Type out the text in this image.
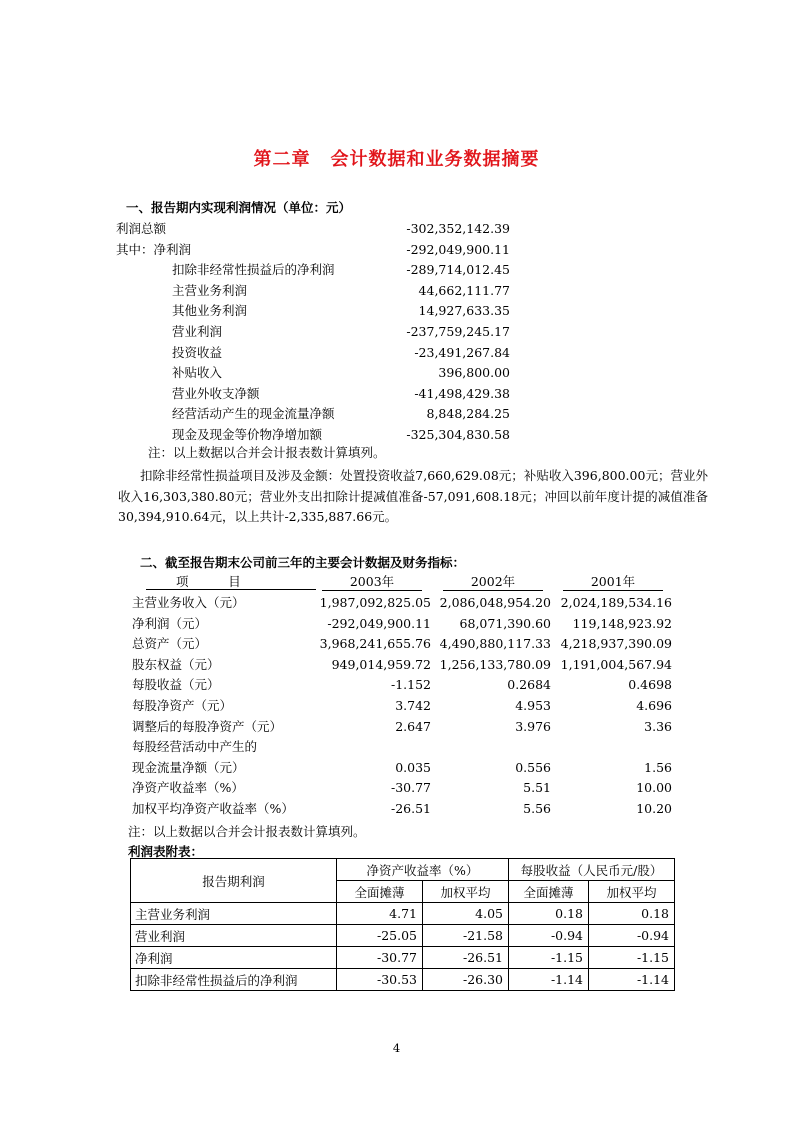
第二章 会计数据和业务数据摘要
一、报告期内实现利润情况（单位：元）
利润总额	-302,352,142.39
其中：净利润	-292,049,900.11
扣除非经常性损益后的净利润	-289,714,012.45
主营业务利润	44,662,111.77
其他业务利润	14,927,633.35
营业利润	-237,759,245.17
投资收益	-23,491,267.84
补贴收入	396,800.00
营业外收支净额	-41,498,429.38
经营活动产生的现金流量净额	8,848,284.25
现金及现金等价物净增加额	-325,304,830.58
注：以上数据以合并会计报表数计算填列。
扣除非经常性损益项目及涉及金额：处置投资收益7,660,629.08元；补贴收入396,800.00元；营业外收入16,303,380.80元；营业外支出扣除计提减值准备-57,091,608.18元；冲回以前年度计提的减值准备30,394,910.64元，以上共计-2,335,887.66元。
二、截至报告期末公司前三年的主要会计数据及财务指标：
项          目	2003年	2002年	2001年
主营业务收入（元）	1,987,092,825.05 2,086,048,954.20 2,024,189,534.16
净利润（元）	-292,049,900.11	68,071,390.60	119,148,923.92
总资产（元）	3,968,241,655.76 4,490,880,117.33 4,218,937,390.09
股东权益（元）	949,014,959.72 1,256,133,780.09 1,191,004,567.94
每股收益（元）	-1.152	0.2684	0.4698
每股净资产（元）	3.742	4.953	4.696
调整后的每股净资产（元）	2.647	3.976	3.36
每股经营活动中产生的
现金流量净额（元）	0.035	0.556	1.56
净资产收益率（%）	-30.77	5.51	10.00
加权平均净资产收益率（%）	-26.51	5.56	10.20
注：以上数据以合并会计报表数计算填列。
利润表附表：
报告期利润	净资产收益率（%）		每股收益（人民币元/股）	
	全面摊薄	加权平均	全面摊薄	加权平均
主营业务利润	4.71	4.05	0.18	0.18
营业利润	-25.05	-21.58	-0.94	-0.94
净利润	-30.77	-26.51	-1.15	-1.15
扣除非经常性损益后的净利润	-30.53	-26.30	-1.14	-1.14
4
